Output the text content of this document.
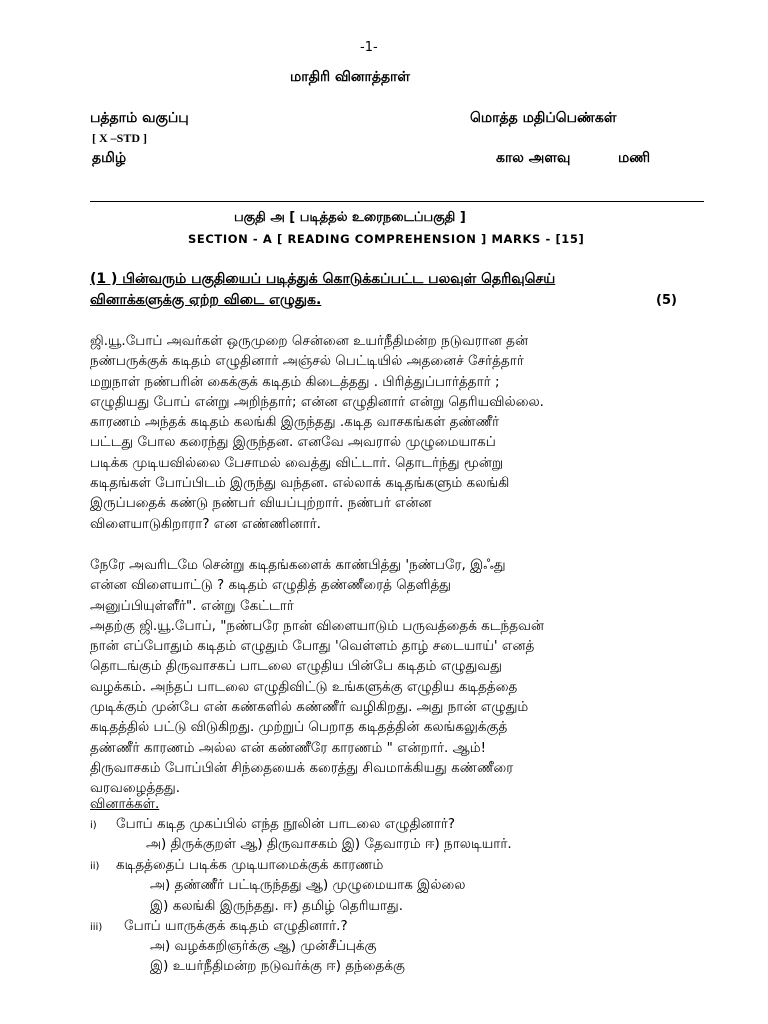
-1-
மாதிரி வினாத்தாள்
பத்தாம் வகுப்பு	மொத்த மதிப்பெண்கள்
[ X –STD ]
தமிழ்	கால அளவு	மணி
பகுதி அ [ படித்தல் உரைநடைப்பகுதி ]
SECTION - A [ READING COMPREHENSION ] MARKS - [15]
(1 ) பின்வரும் பகுதியைப் படித்துக் கொடுக்கப்பட்ட பலவுள் தெரிவுசெய்
வினாக்களுக்கு ஏற்ற விடை எழுதுக.	(5)
ஜி.யூ.போப் அவர்கள் ஒருமுறை சென்னை உயர்நீதிமன்ற நடுவரான தன்
நண்பருக்குக் கடிதம் எழுதினார் அஞ்சல் பெட்டியில் அதனைச் சேர்த்தார்
மறுநாள் நண்பரின் கைக்குக் கடிதம் கிடைத்தது . பிரித்துப்பார்த்தார் ;
எழுதியது போப் என்று அறிந்தார்; என்ன எழுதினார் என்று தெரியவில்லை.
காரணம் அந்தக் கடிதம் கலங்கி இருந்தது .கடித வாசகங்கள் தண்ணீர்
பட்டது போல கரைந்து இருந்தன. எனவே அவரால் முழுமையாகப்
படிக்க முடியவில்லை பேசாமல் வைத்து விட்டார். தொடர்ந்து மூன்று
கடிதங்கள் போப்பிடம் இருந்து வந்தன. எல்லாக் கடிதங்களும் கலங்கி
இருப்பதைக் கண்டு நண்பர் வியப்புற்றார். நண்பர் என்ன
விளையாடுகிறாரா? என எண்ணினார்.
நேரே அவரிடமே சென்று கடிதங்களைக் காண்பித்து 'நண்பரே, இஃது
என்ன விளையாட்டு ? கடிதம் எழுதித் தண்ணீரைத் தெளித்து
அனுப்பியுள்ளீர்". என்று கேட்டார்
அதற்கு ஜி.யூ.போப், "நண்பரே நான் விளையாடும் பருவத்தைக் கடந்தவன்
நான் எப்போதும் கடிதம் எழுதும் போது 'வெள்ளம் தாழ் சடையாய்' எனத்
தொடங்கும் திருவாசகப் பாடலை எழுதிய பின்பே கடிதம் எழுதுவது
வழக்கம். அந்தப் பாடலை எழுதிவிட்டு உங்களுக்கு எழுதிய கடிதத்தை
முடிக்கும் முன்பே என் கண்களில் கண்ணீர் வழிகிறது. அது நான் எழுதும்
கடிதத்தில் பட்டு விடுகிறது. முற்றுப் பெறாத கடிதத்தின் கலங்கலுக்குத்
தண்ணீர் காரணம் அல்ல என் கண்ணீரே காரணம் " என்றார். ஆம்!
திருவாசகம் போப்பின் சிந்தையைக் கரைத்து சிவமாக்கியது கண்ணீரை
வரவழைத்தது.
வினாக்கள்.
i) போப் கடித முகப்பில் எந்த நூலின் பாடலை எழுதினார்?
அ) திருக்குறள் ஆ) திருவாசகம் இ) தேவாரம் ஈ) நாலடியார்.
ii) கடிதத்தைப் படிக்க முடியாமைக்குக் காரணம்
அ) தண்ணீர் பட்டிருந்தது ஆ) முழுமையாக இல்லை
இ) கலங்கி இருந்தது. ஈ) தமிழ் தெரியாது.
iii) போப் யாருக்குக் கடிதம் எழுதினார்.?
அ) வழக்கறிஞர்க்கு ஆ) முன்சீப்புக்கு
இ) உயர்நீதிமன்ற நடுவர்க்கு ஈ) தந்தைக்கு
